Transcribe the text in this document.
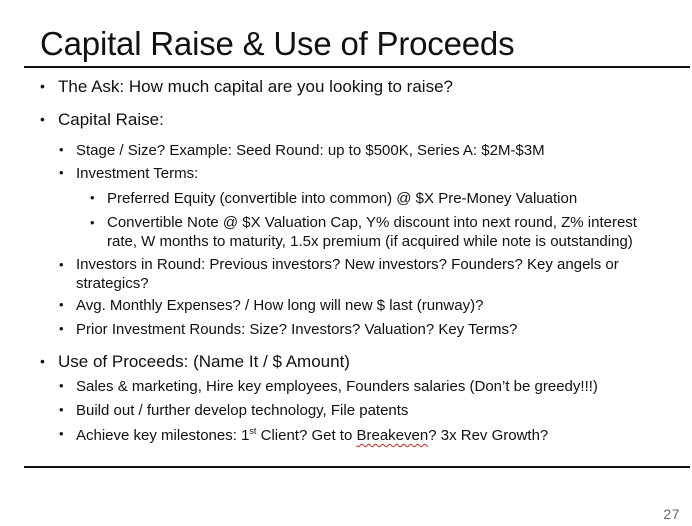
Capital Raise & Use of Proceeds
• The Ask: How much capital are you looking to raise?
• Capital Raise:
• Stage / Size? Example: Seed Round: up to $500K, Series A: $2M-$3M
• Investment Terms:
• Preferred Equity (convertible into common) @ $X Pre-Money Valuation
• Convertible Note @ $X Valuation Cap, Y% discount into next round, Z% interest
rate, W months to maturity, 1.5x premium (if acquired while note is outstanding)
• Investors in Round: Previous investors? New investors? Founders? Key angels or
strategics?
• Avg. Monthly Expenses? / How long will new $ last (runway)?
• Prior Investment Rounds: Size? Investors? Valuation? Key Terms?
• Use of Proceeds: (Name It / $ Amount)
• Sales & marketing, Hire key employees, Founders salaries (Don’t be greedy!!!)
• Build out / further develop technology, File patents
• Achieve key milestones: 1st Client? Get to Breakeven? 3x Rev Growth?
27
